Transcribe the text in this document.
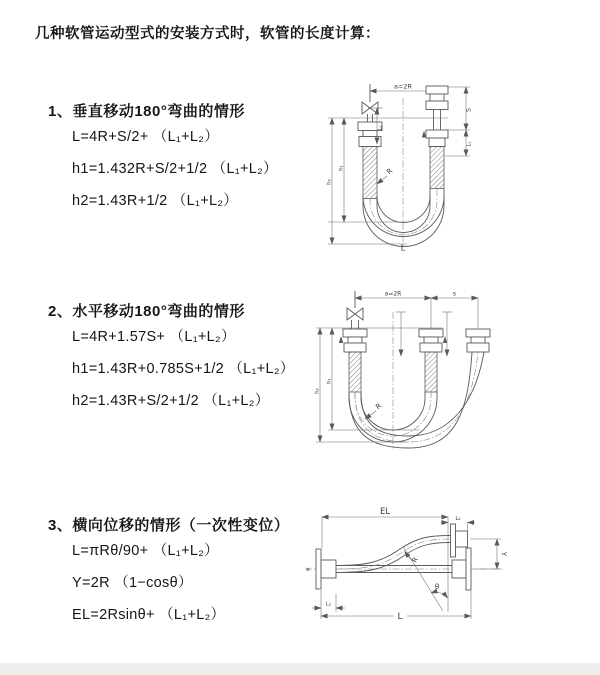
几种软管运动型式的安装方式时，软管的长度计算：
1、垂直移动180°弯曲的情形
L=4R+S/2+ （L₁+L₂）
h1=1.432R+S/2+1/2 （L₁+L₂）
h2=1.43R+1/2 （L₁+L₂）
2、水平移动180°弯曲的情形
L=4R+1.57S+ （L₁+L₂）
h1=1.43R+0.785S+1/2 （L₁+L₂）
h2=1.43R+S/2+1/2 （L₁+L₂）
3、横向位移的情形（一次性变位）
L=πRθ/90+ （L₁+L₂）
Y=2R （1−cosθ）
EL=2Rsinθ+ （L₁+L₂）
a=2R
L₁
S
L₂
h₁
h₂
R
L
a=2R	s
h₁
h₂
R
✕
EL
L₂
Y
L
L₁
θ
R
